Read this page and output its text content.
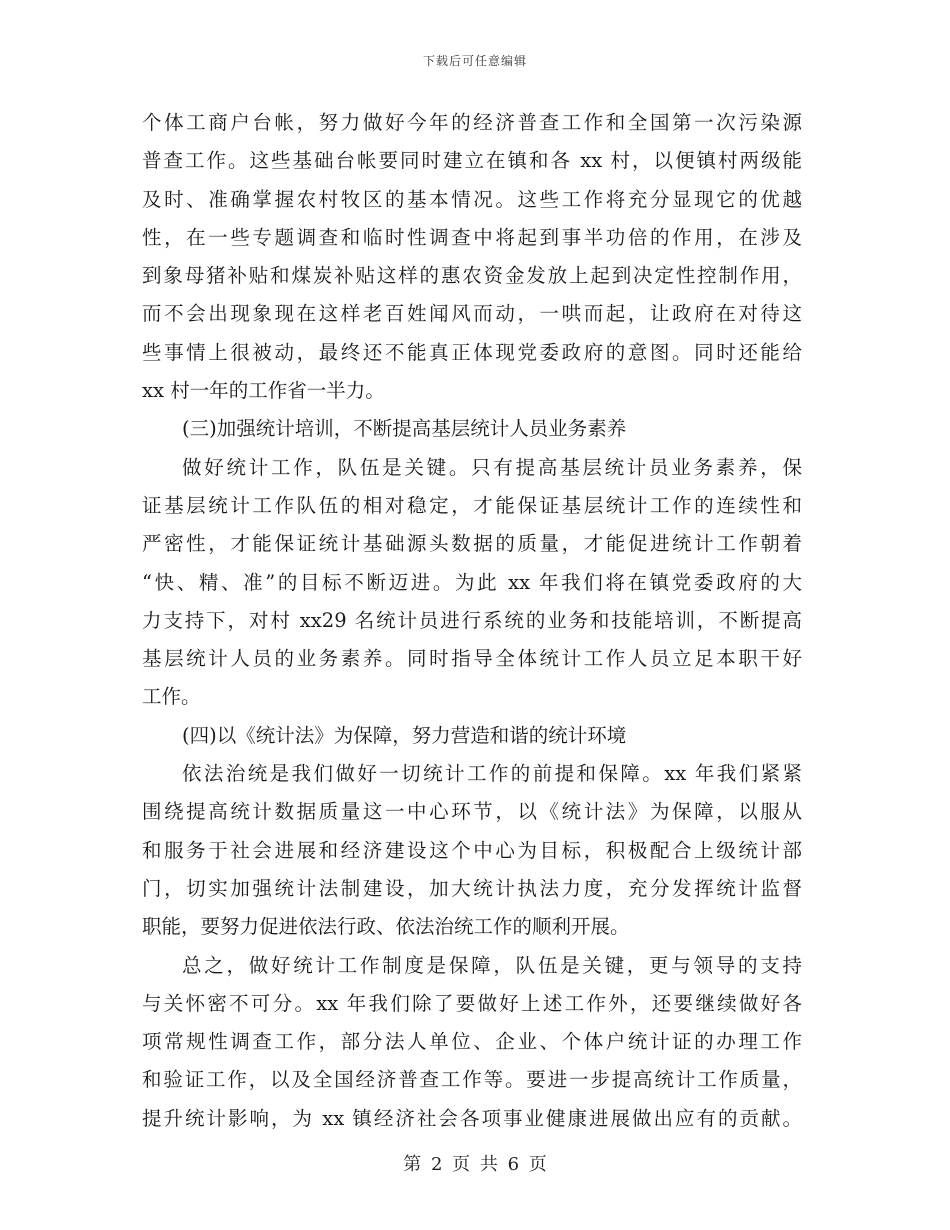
下载后可任意编辑
个体工商户台帐，努力做好今年的经济普查工作和全国第一次污染源
普查工作。这些基础台帐要同时建立在镇和各 xx 村，以便镇村两级能
及时、准确掌握农村牧区的基本情况。这些工作将充分显现它的优越
性，在一些专题调查和临时性调查中将起到事半功倍的作用，在涉及
到象母猪补贴和煤炭补贴这样的惠农资金发放上起到决定性控制作用，
而不会出现象现在这样老百姓闻风而动，一哄而起，让政府在对待这
些事情上很被动，最终还不能真正体现党委政府的意图。同时还能给
xx 村一年的工作省一半力。
(三)加强统计培训，不断提高基层统计人员业务素养
做好统计工作，队伍是关键。只有提高基层统计员业务素养，保
证基层统计工作队伍的相对稳定，才能保证基层统计工作的连续性和
严密性，才能保证统计基础源头数据的质量，才能促进统计工作朝着
“快、精、准”的目标不断迈进。为此 xx 年我们将在镇党委政府的大
力支持下，对村 xx29 名统计员进行系统的业务和技能培训，不断提高
基层统计人员的业务素养。同时指导全体统计工作人员立足本职干好
工作。
(四)以《统计法》为保障，努力营造和谐的统计环境
依法治统是我们做好一切统计工作的前提和保障。xx 年我们紧紧
围绕提高统计数据质量这一中心环节，以《统计法》为保障，以服从
和服务于社会进展和经济建设这个中心为目标，积极配合上级统计部
门，切实加强统计法制建设，加大统计执法力度，充分发挥统计监督
职能，要努力促进依法行政、依法治统工作的顺利开展。
总之，做好统计工作制度是保障，队伍是关键，更与领导的支持
与关怀密不可分。xx 年我们除了要做好上述工作外，还要继续做好各
项常规性调查工作，部分法人单位、企业、个体户统计证的办理工作
和验证工作，以及全国经济普查工作等。要进一步提高统计工作质量，
提升统计影响，为 xx 镇经济社会各项事业健康进展做出应有的贡献。
第 2 页 共 6 页
